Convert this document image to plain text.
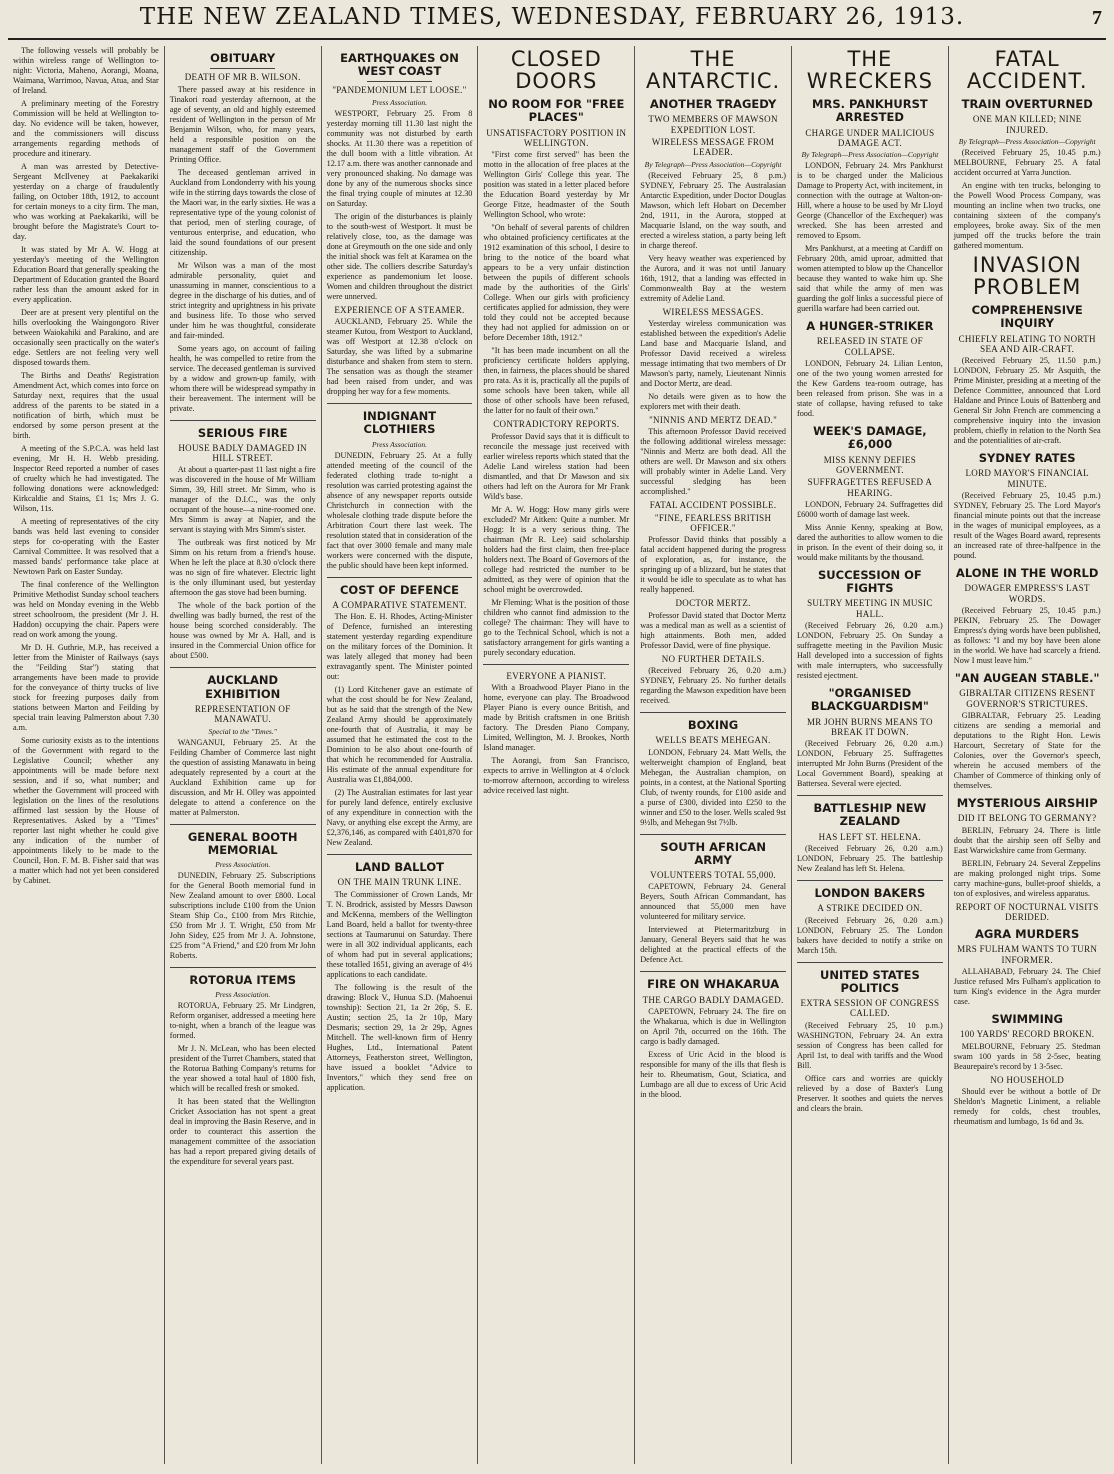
THE NEW ZEALAND TIMES, WEDNESDAY, FEBRUARY 26, 1913.	7

The following vessels will probably be within wireless range of Wellington to-night: Victoria, Maheno, Aorangi, Moana, Waimana, Warrimoo, Navua, Atua, and Star of Ireland.

A preliminary meeting of the Forestry Commission will be held at Wellington to-day. No evidence will be taken, however, and the commissioners will discuss arrangements regarding methods of procedure and itinerary.

A man was arrested by Detective-Sergeant McIlveney at Paekakariki yesterday on a charge of fraudulently failing, on October 18th, 1912, to account for certain moneys to a city firm. The man, who was working at Paekakariki, will be brought before the Magistrate's Court to-day.

It was stated by Mr A. W. Hogg at yesterday's meeting of the Wellington Education Board that generally speaking the Department of Education granted the Board rather less than the amount asked for in every application.

Deer are at present very plentiful on the hills overlooking the Waingongoro River between Waiokahiki and Parakino, and are occasionally seen practically on the water's edge. Settlers are not feeling very well disposed towards them.

The Births and Deaths' Registration Amendment Act, which comes into force on Saturday next, requires that the usual address of the parents to be stated in a notification of birth, which must be endorsed by some person present at the birth.

A meeting of the S.P.C.A. was held last evening, Mr H. H. Webb presiding. Inspector Reed reported a number of cases of cruelty which he had investigated. The following donations were acknowledged: Kirkcaldie and Stains, £1 1s; Mrs J. G. Wilson, 11s.

A meeting of representatives of the city bands was held last evening to consider steps for co-operating with the Easter Carnival Committee. It was resolved that a massed bands' performance take place at Newtown Park on Easter Sunday.

The final conference of the Wellington Primitive Methodist Sunday school teachers was held on Monday evening in the Webb street schoolroom, the president (Mr J. H. Haddon) occupying the chair. Papers were read on work among the young.

Mr D. H. Guthrie, M.P., has received a letter from the Minister of Railways (says the "Feilding Star") stating that arrangements have been made to provide for the conveyance of thirty trucks of live stock for freezing purposes daily from stations between Marton and Feilding by special train leaving Palmerston about 7.30 a.m.

Some curiosity exists as to the intentions of the Government with regard to the Legislative Council; whether any appointments will be made before next session, and if so, what number; and whether the Government will proceed with legislation on the lines of the resolutions affirmed last session by the House of Representatives. Asked by a "Times" reporter last night whether he could give any indication of the number of appointments likely to be made to the Council, Hon. F. M. B. Fisher said that was a matter which had not yet been considered by Cabinet.

OBITUARY
DEATH OF MR B. WILSON.

There passed away at his residence in Tinakori road yesterday afternoon, at the age of seventy, an old and highly esteemed resident of Wellington in the person of Mr Benjamin Wilson, who, for many years, held a responsible position on the management staff of the Government Printing Office.

The deceased gentleman arrived in Auckland from Londonderry with his young wife in the stirring days towards the close of the Maori war, in the early sixties. He was a representative type of the young colonist of that period, men of sterling courage, of venturous enterprise, and education, who laid the sound foundations of our present citizenship.

Mr Wilson was a man of the most admirable personality, quiet and unassuming in manner, conscientious to a degree in the discharge of his duties, and of strict integrity and uprightness in his private and business life. To those who served under him he was thoughtful, considerate and fair-minded.

Some years ago, on account of failing health, he was compelled to retire from the service. The deceased gentleman is survived by a widow and grown-up family, with whom there will be widespread sympathy in their bereavement. The interment will be private.

SERIOUS FIRE
HOUSE BADLY DAMAGED IN HILL STREET.

At about a quarter-past 11 last night a fire was discovered in the house of Mr William Simm, 39, Hill street. Mr Simm, who is manager of the D.I.C., was the only occupant of the house—a nine-roomed one. Mrs Simm is away at Napier, and the servant is staying with Mrs Simm's sister.

The outbreak was first noticed by Mr Simm on his return from a friend's house. When he left the place at 8.30 o'clock there was no sign of fire whatever. Electric light is the only illuminant used, but yesterday afternoon the gas stove had been burning.

The whole of the back portion of the dwelling was badly burned, the rest of the house being scorched considerably. The house was owned by Mr A. Hall, and is insured in the Commercial Union office for about £500.

AUCKLAND EXHIBITION
REPRESENTATION OF MANAWATU.
Special to the "Times."

WANGANUI, February 25. At the Feilding Chamber of Commerce last night the question of assisting Manawatu in being adequately represented by a court at the Auckland Exhibition came up for discussion, and Mr H. Olley was appointed delegate to attend a conference on the matter at Palmerston.

GENERAL BOOTH MEMORIAL
Press Association.

DUNEDIN, February 25. Subscriptions for the General Booth memorial fund in New Zealand amount to over £800. Local subscriptions include £100 from the Union Steam Ship Co., £100 from Mrs Ritchie, £50 from Mr J. T. Wright, £50 from Mr John Sidey, £25 from Mr J. A. Johnstone, £25 from "A Friend," and £20 from Mr John Roberts.

ROTORUA ITEMS
Press Association.

ROTORUA, February 25. Mr Lindgren, Reform organiser, addressed a meeting here to-night, when a branch of the league was formed.

Mr J. N. McLean, who has been elected president of the Turret Chambers, stated that the Rotorua Bathing Company's returns for the year showed a total haul of 1800 fish, which will be recalled fresh or smoked.

It has been stated that the Wellington Cricket Association has not spent a great deal in improving the Basin Reserve, and in order to counteract this assertion the management committee of the association has had a report prepared giving details of the expenditure for several years past.

EARTHQUAKES ON WEST COAST
"PANDEMONIUM LET LOOSE."
Press Association.

WESTPORT, February 25. From 8 yesterday morning till 11.30 last night the community was not disturbed by earth shocks. At 11.30 there was a repetition of the dull boom with a little vibration. At 12.17 a.m. there was another cannonade and very pronounced shaking. No damage was done by any of the numerous shocks since the final trying couple of minutes at 12.30 on Saturday.

The origin of the disturbances is plainly to the south-west of Westport. It must be relatively close, too, as the damage was done at Greymouth on the one side and only the initial shock was felt at Karamea on the other side. The colliers describe Saturday's experience as pandemonium let loose. Women and children throughout the district were unnerved.

EXPERIENCE OF A STEAMER.

AUCKLAND, February 25. While the steamer Kutou, from Westport to Auckland, was off Westport at 12.38 o'clock on Saturday, she was lifted by a submarine disturbance and shaken from stem to stern. The sensation was as though the steamer had been raised from under, and was dropping her way for a few moments.

INDIGNANT CLOTHIERS
Press Association.

DUNEDIN, February 25. At a fully attended meeting of the council of the federated clothing trade to-night a resolution was carried protesting against the absence of any newspaper reports outside Christchurch in connection with the wholesale clothing trade dispute before the Arbitration Court there last week. The resolution stated that in consideration of the fact that over 3000 female and many male workers were concerned with the dispute, the public should have been kept informed.

COST OF DEFENCE
A COMPARATIVE STATEMENT.

The Hon. E. H. Rhodes, Acting-Minister of Defence, furnished an interesting statement yesterday regarding expenditure on the military forces of the Dominion. It was lately alleged that money had been extravagantly spent. The Minister pointed out:

(1) Lord Kitchener gave an estimate of what the cost should be for New Zealand, but as he said that the strength of the New Zealand Army should be approximately one-fourth that of Australia, it may be assumed that he estimated the cost to the Dominion to be also about one-fourth of that which he recommended for Australia. His estimate of the annual expenditure for Australia was £1,884,000.

(2) The Australian estimates for last year for purely land defence, entirely exclusive of any expenditure in connection with the Navy, or anything else except the Army, are £2,376,146, as compared with £401,870 for New Zealand.

LAND BALLOT
ON THE MAIN TRUNK LINE.

The Commissioner of Crown Lands, Mr T. N. Brodrick, assisted by Messrs Dawson and McKenna, members of the Wellington Land Board, held a ballot for twenty-three sections at Taumarunui on Saturday. There were in all 302 individual applicants, each of whom had put in several applications; these totalled 1651, giving an average of 4½ applications to each candidate.

The following is the result of the drawing: Block V., Hunua S.D. (Mahoenui township): Section 21, 1a 2r 26p, S. E. Austin; section 25, 1a 2r 10p, Mary Desmaris; section 29, 1a 2r 29p, Agnes Mitchell. The well-known firm of Henry Hughes, Ltd., International Patent Attorneys, Featherston street, Wellington, have issued a booklet "Advice to Inventors," which they send free on application.

CLOSED DOORS
NO ROOM FOR "FREE PLACES"
UNSATISFACTORY POSITION IN WELLINGTON.

"First come first served" has been the motto in the allocation of free places at the Wellington Girls' College this year. The position was stated in a letter placed before the Education Board yesterday by Mr George Fitze, headmaster of the South Wellington School, who wrote:

"On behalf of several parents of children who obtained proficiency certificates at the 1912 examination of this school, I desire to bring to the notice of the board what appears to be a very unfair distinction between the pupils of different schools made by the authorities of the Girls' College. When our girls with proficiency certificates applied for admission, they were told they could not be accepted because they had not applied for admission on or before December 18th, 1912."

"It has been made incumbent on all the proficiency certificate holders applying, then, in fairness, the places should be shared pro rata. As it is, practically all the pupils of some schools have been taken, while all those of other schools have been refused, the latter for no fault of their own."

CONTRADICTORY REPORTS.

Professor David says that it is difficult to reconcile the message just received with earlier wireless reports which stated that the Adelie Land wireless station had been dismantled, and that Dr Mawson and six others had left on the Aurora for Mr Frank Wild's base.

Mr A. W. Hogg: How many girls were excluded? Mr Aitken: Quite a number. Mr Hogg: It is a very serious thing. The chairman (Mr R. Lee) said scholarship holders had the first claim, then free-place holders next. The Board of Governors of the college had restricted the number to be admitted, as they were of opinion that the school might be overcrowded.

Mr Fleming: What is the position of those children who cannot find admission to the college? The chairman: They will have to go to the Technical School, which is not a satisfactory arrangement for girls wanting a purely secondary education.

EVERYONE A PIANIST.

With a Broadwood Player Piano in the home, everyone can play. The Broadwood Player Piano is every ounce British, and made by British craftsmen in one British factory. The Dresden Piano Company, Limited, Wellington, M. J. Brookes, North Island manager.

The Aorangi, from San Francisco, expects to arrive in Wellington at 4 o'clock to-morrow afternoon, according to wireless advice received last night.

THE ANTARCTIC.
ANOTHER TRAGEDY
TWO MEMBERS OF MAWSON EXPEDITION LOST.
WIRELESS MESSAGE FROM LEADER.
By Telegraph—Press Association—Copyright

(Received February 25, 8 p.m.) SYDNEY, February 25. The Australasian Antarctic Expedition, under Doctor Douglas Mawson, which left Hobart on December 2nd, 1911, in the Aurora, stopped at Macquarie Island, on the way south, and erected a wireless station, a party being left in charge thereof.

Very heavy weather was experienced by the Aurora, and it was not until January 16th, 1912, that a landing was effected in Commonwealth Bay at the western extremity of Adelie Land.

WIRELESS MESSAGES.

Yesterday wireless communication was established between the expedition's Adelie Land base and Macquarie Island, and Professor David received a wireless message intimating that two members of Dr Mawson's party, namely, Lieutenant Ninnis and Doctor Mertz, are dead.

No details were given as to how the explorers met with their death.

"NINNIS AND MERTZ DEAD."

This afternoon Professor David received the following additional wireless message: "Ninnis and Mertz are both dead. All the others are well. Dr Mawson and six others will probably winter in Adelie Land. Very successful sledging has been accomplished."

FATAL ACCIDENT POSSIBLE.
"FINE, FEARLESS BRITISH OFFICER."

Professor David thinks that possibly a fatal accident happened during the progress of exploration, as, for instance, the springing up of a blizzard, but he states that it would be idle to speculate as to what has really happened.

DOCTOR MERTZ.

Professor David stated that Doctor Mertz was a medical man as well as a scientist of high attainments. Both men, added Professor David, were of fine physique.

NO FURTHER DETAILS.

(Received February 26, 0.20 a.m.) SYDNEY, February 25. No further details regarding the Mawson expedition have been received.

BOXING
WELLS BEATS MEHEGAN.

LONDON, February 24. Matt Wells, the welterweight champion of England, beat Mehegan, the Australian champion, on points, in a contest, at the National Sporting Club, of twenty rounds, for £100 aside and a purse of £300, divided into £250 to the winner and £50 to the loser. Wells scaled 9st 9½lb, and Mehegan 9st 7½lb.

SOUTH AFRICAN ARMY
VOLUNTEERS TOTAL 55,000.

CAPETOWN, February 24. General Beyers, South African Commandant, has announced that 55,000 men have volunteered for military service.

Interviewed at Pietermaritzburg in January, General Beyers said that he was delighted at the practical effects of the Defence Act.

FIRE ON WHAKARUA
THE CARGO BADLY DAMAGED.

CAPETOWN, February 24. The fire on the Whakarua, which is due in Wellington on April 7th, occurred on the 16th. The cargo is badly damaged.

Excess of Uric Acid in the blood is responsible for many of the ills that flesh is heir to. Rheumatism, Gout, Sciatica, and Lumbago are all due to excess of Uric Acid in the blood.

THE WRECKERS
MRS. PANKHURST ARRESTED
CHARGE UNDER MALICIOUS DAMAGE ACT.
By Telegraph—Press Association—Copyright

LONDON, February 24. Mrs Pankhurst is to be charged under the Malicious Damage to Property Act, with incitement, in connection with the outrage at Walton-on-Hill, where a house to be used by Mr Lloyd George (Chancellor of the Exchequer) was wrecked. She has been arrested and removed to Epsom.

Mrs Pankhurst, at a meeting at Cardiff on February 20th, amid uproar, admitted that women attempted to blow up the Chancellor because they wanted to wake him up. She said that while the army of men was guarding the golf links a successful piece of guerilla warfare had been carried out.

A HUNGER-STRIKER
RELEASED IN STATE OF COLLAPSE.

LONDON, February 24. Lilian Lenton, one of the two young women arrested for the Kew Gardens tea-room outrage, has been released from prison. She was in a state of collapse, having refused to take food.

WEEK'S DAMAGE, £6,000
MISS KENNY DEFIES GOVERNMENT.
SUFFRAGETTES REFUSED A HEARING.

LONDON, February 24. Suffragettes did £6000 worth of damage last week.

Miss Annie Kenny, speaking at Bow, dared the authorities to allow women to die in prison. In the event of their doing so, it would make militants by the thousand.

SUCCESSION OF FIGHTS
SULTRY MEETING IN MUSIC HALL.

(Received February 26, 0.20 a.m.) LONDON, February 25. On Sunday a suffragette meeting in the Pavilion Music Hall developed into a succession of fights with male interrupters, who successfully resisted ejectment.

"ORGANISED BLACKGUARDISM"
MR JOHN BURNS MEANS TO BREAK IT DOWN.

(Received February 26, 0.20 a.m.) LONDON, February 25. Suffragettes interrupted Mr John Burns (President of the Local Government Board), speaking at Battersea. Several were ejected.

BATTLESHIP NEW ZEALAND
HAS LEFT ST. HELENA.

(Received February 26, 0.20 a.m.) LONDON, February 25. The battleship New Zealand has left St. Helena.

LONDON BAKERS
A STRIKE DECIDED ON.

(Received February 26, 0.20 a.m.) LONDON, February 25. The London bakers have decided to notify a strike on March 15th.

UNITED STATES POLITICS
EXTRA SESSION OF CONGRESS CALLED.

(Received February 25, 10 p.m.) WASHINGTON, February 24. An extra session of Congress has been called for April 1st, to deal with tariffs and the Wood Bill.

Office cars and worries are quickly relieved by a dose of Baxter's Lung Preserver. It soothes and quiets the nerves and clears the brain.

FATAL ACCIDENT.
TRAIN OVERTURNED
ONE MAN KILLED; NINE INJURED.
By Telegraph—Press Association—Copyright

(Received February 25, 10.45 p.m.) MELBOURNE, February 25. A fatal accident occurred at Yarra Junction.

An engine with ten trucks, belonging to the Powell Wood Process Company, was mounting an incline when two trucks, one containing sixteen of the company's employees, broke away. Six of the men jumped off the trucks before the train gathered momentum.

INVASION PROBLEM
COMPREHENSIVE INQUIRY
CHIEFLY RELATING TO NORTH SEA AND AIR-CRAFT.

(Received February 25, 11.50 p.m.) LONDON, February 25. Mr Asquith, the Prime Minister, presiding at a meeting of the Defence Committee, announced that Lord Haldane and Prince Louis of Battenberg and General Sir John French are commencing a comprehensive inquiry into the invasion problem, chiefly in relation to the North Sea and the potentialities of air-craft.

SYDNEY RATES
LORD MAYOR'S FINANCIAL MINUTE.

(Received February 25, 10.45 p.m.) SYDNEY, February 25. The Lord Mayor's financial minute points out that the increase in the wages of municipal employees, as a result of the Wages Board award, represents an increased rate of three-halfpence in the pound.

ALONE IN THE WORLD
DOWAGER EMPRESS'S LAST WORDS.

(Received February 25, 10.45 p.m.) PEKIN, February 25. The Dowager Empress's dying words have been published, as follows: "I and my boy have been alone in the world. We have had scarcely a friend. Now I must leave him."

"AN AUGEAN STABLE."
GIBRALTAR CITIZENS RESENT GOVERNOR'S STRICTURES.

GIBRALTAR, February 25. Leading citizens are sending a memorial and deputations to the Right Hon. Lewis Harcourt, Secretary of State for the Colonies, over the Governor's speech, wherein he accused members of the Chamber of Commerce of thinking only of themselves.

MYSTERIOUS AIRSHIP
DID IT BELONG TO GERMANY?

BERLIN, February 24. There is little doubt that the airship seen off Selby and East Warwickshire came from Germany.

BERLIN, February 24. Several Zeppelins are making prolonged night trips. Some carry machine-guns, bullet-proof shields, a ton of explosives, and wireless apparatus.

REPORT OF NOCTURNAL VISITS DERIDED.
AGRA MURDERS
MRS FULHAM WANTS TO TURN INFORMER.

ALLAHABAD, February 24. The Chief Justice refused Mrs Fulham's application to turn King's evidence in the Agra murder case.

SWIMMING
100 YARDS' RECORD BROKEN.

MELBOURNE, February 25. Stedman swam 100 yards in 58 2-5sec, beating Beaurepaire's record by 1 3-5sec.

NO HOUSEHOLD

Should ever be without a bottle of Dr Sheldon's Magnetic Liniment, a reliable remedy for colds, chest troubles, rheumatism and lumbago, 1s 6d and 3s.
